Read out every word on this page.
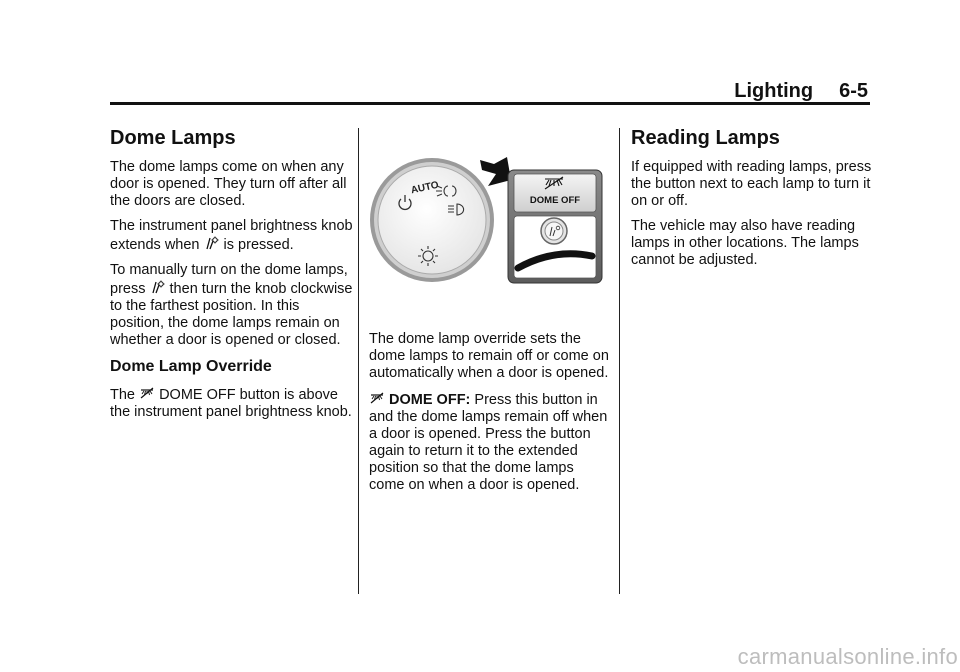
Lighting 6-5
Dome Lamps

The dome lamps come on when any door is opened. They turn off after all the doors are closed.

The instrument panel brightness knob extends when is pressed.

To manually turn on the dome lamps, press then turn the knob clockwise to the farthest position. In this position, the dome lamps remain on whether a door is opened or closed.

Dome Lamp Override

The DOME OFF button is above the instrument panel brightness knob.

AUTO
DOME OFF

The dome lamp override sets the dome lamps to remain off or come on automatically when a door is opened.

DOME OFF: Press this button in and the dome lamps remain off when a door is opened. Press the button again to return it to the extended position so that the dome lamps come on when a door is opened.

Reading Lamps

If equipped with reading lamps, press the button next to each lamp to turn it on or off.

The vehicle may also have reading lamps in other locations. The lamps cannot be adjusted.

carmanualsonline.info
